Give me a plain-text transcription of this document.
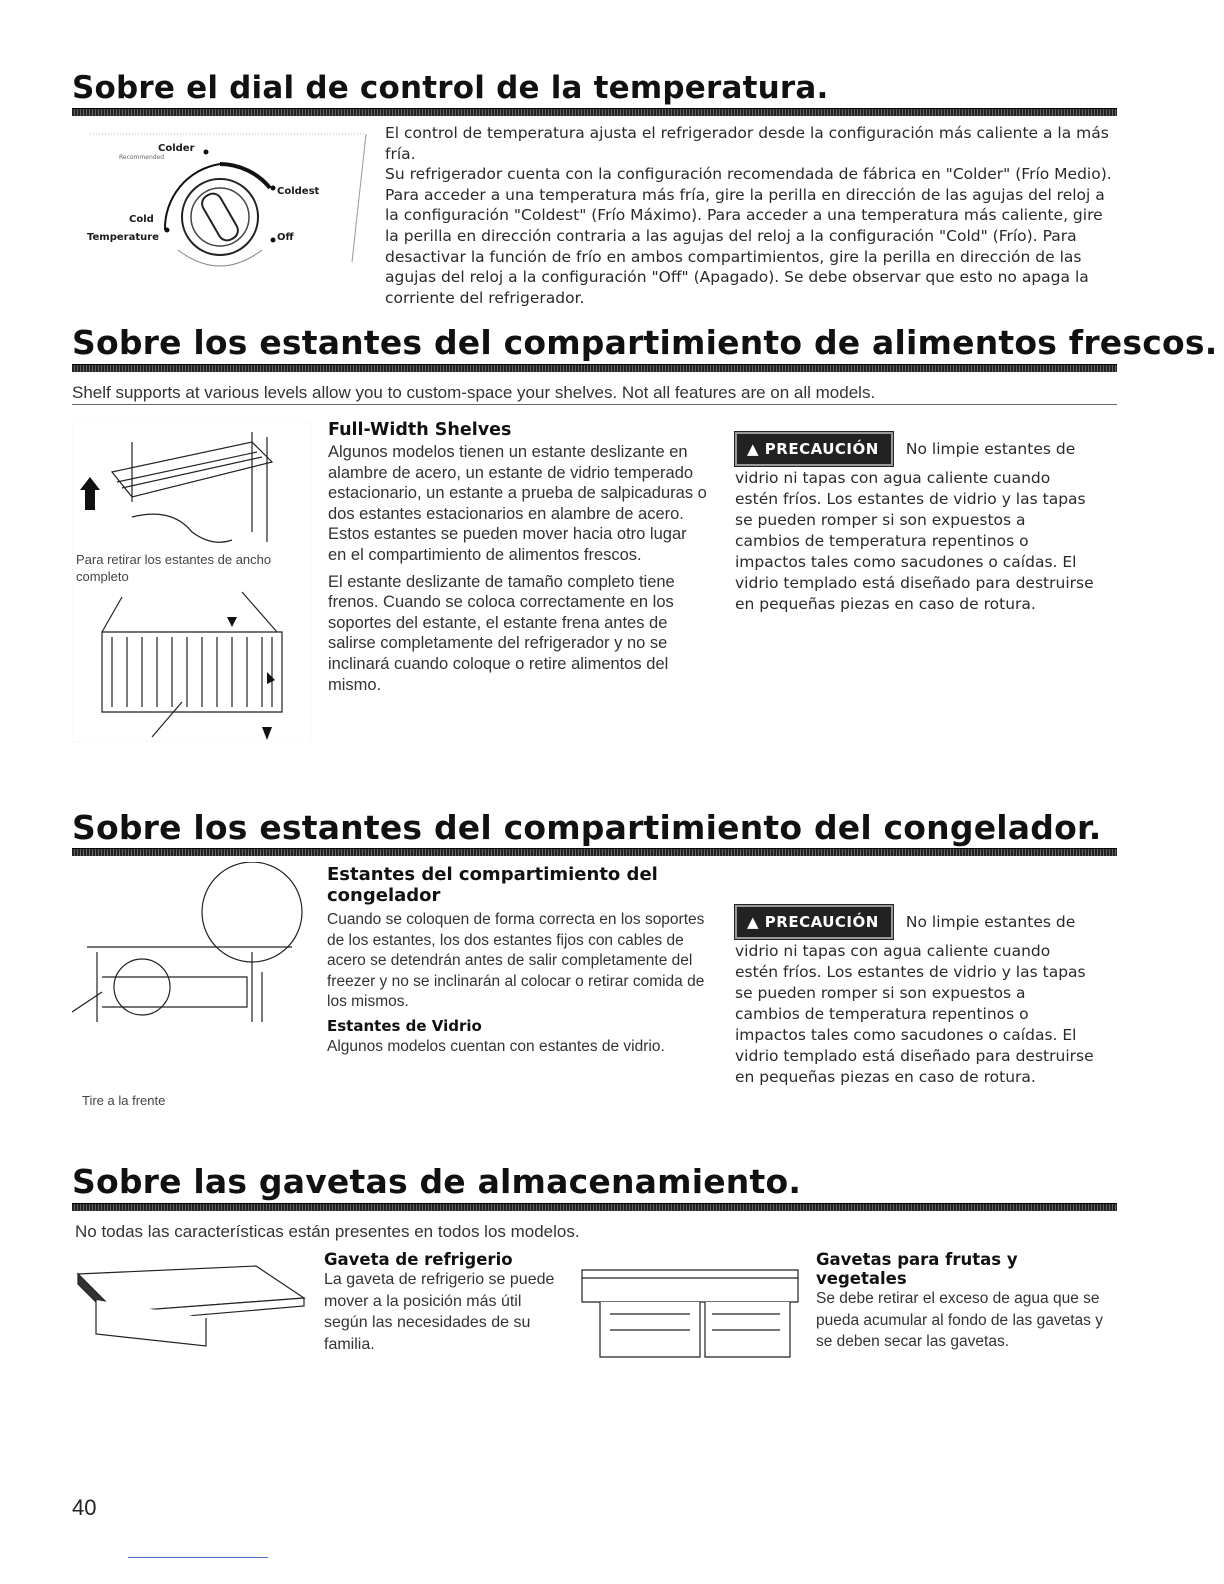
Sobre el dial de control de la temperatura.
Colder
Recommended
Coldest
Cold
Temperature	Off

El control de temperatura ajusta el refrigerador desde la configuración más caliente a la más fría.

Su refrigerador cuenta con la configuración recomendada de fábrica en "Colder" (Frío Medio). Para acceder a una temperatura más fría, gire la perilla en dirección de las agujas del reloj a la configuración "Coldest" (Frío Máximo). Para acceder a una temperatura más caliente, gire la perilla en dirección contraria a las agujas del reloj a la configuración "Cold" (Frío). Para desactivar la función de frío en ambos compartimientos, gire la perilla en dirección de las agujas del reloj a la configuración "Off" (Apagado). Se debe observar que esto no apaga la corriente del refrigerador.

Sobre los estantes del compartimiento de alimentos frescos.
Shelf supports at various levels allow you to custom-space your shelves. Not all features are on all models.
Para retirar los estantes de ancho completo
Full-Width Shelves
Algunos modelos tienen un estante deslizante en alambre de acero, un estante de vidrio temperado estacionario, un estante a prueba de salpicaduras o dos estantes estacionarios en alambre de acero. Estos estantes se pueden mover hacia otro lugar en el compartimiento de alimentos frescos.
El estante deslizante de tamaño completo tiene frenos. Cuando se coloca correctamente en los soportes del estante, el estante frena antes de salirse completamente del refrigerador y no se inclinará cuando coloque o retire alimentos del mismo.
▲ PRECAUCIÓN No limpie estantes de
vidrio ni tapas con agua caliente cuando estén fríos. Los estantes de vidrio y las tapas se pueden romper si son expuestos a cambios de temperatura repentinos o impactos tales como sacudones o caídas. El vidrio templado está diseñado para destruirse en pequeñas piezas en caso de rotura.
Sobre los estantes del compartimiento del congelador.
Tire a la frente
Estantes del compartimiento del congelador
Cuando se coloquen de forma correcta en los soportes de los estantes, los dos estantes fijos con cables de acero se detendrán antes de salir completamente del freezer y no se inclinarán al colocar o retirar comida de los mismos.
Estantes de Vidrio
Algunos modelos cuentan con estantes de vidrio.
▲ PRECAUCIÓN No limpie estantes de
vidrio ni tapas con agua caliente cuando estén fríos. Los estantes de vidrio y las tapas se pueden romper si son expuestos a cambios de temperatura repentinos o impactos tales como sacudones o caídas. El vidrio templado está diseñado para destruirse en pequeñas piezas en caso de rotura.
Sobre las gavetas de almacenamiento.
No todas las características están presentes en todos los modelos.
Gaveta de refrigerio
La gaveta de refrigerio se puede mover a la posición más útil según las necesidades de su familia.
Gavetas para frutas y vegetales
Se debe retirar el exceso de agua que se pueda acumular al fondo de las gavetas y se deben secar las gavetas.
40
